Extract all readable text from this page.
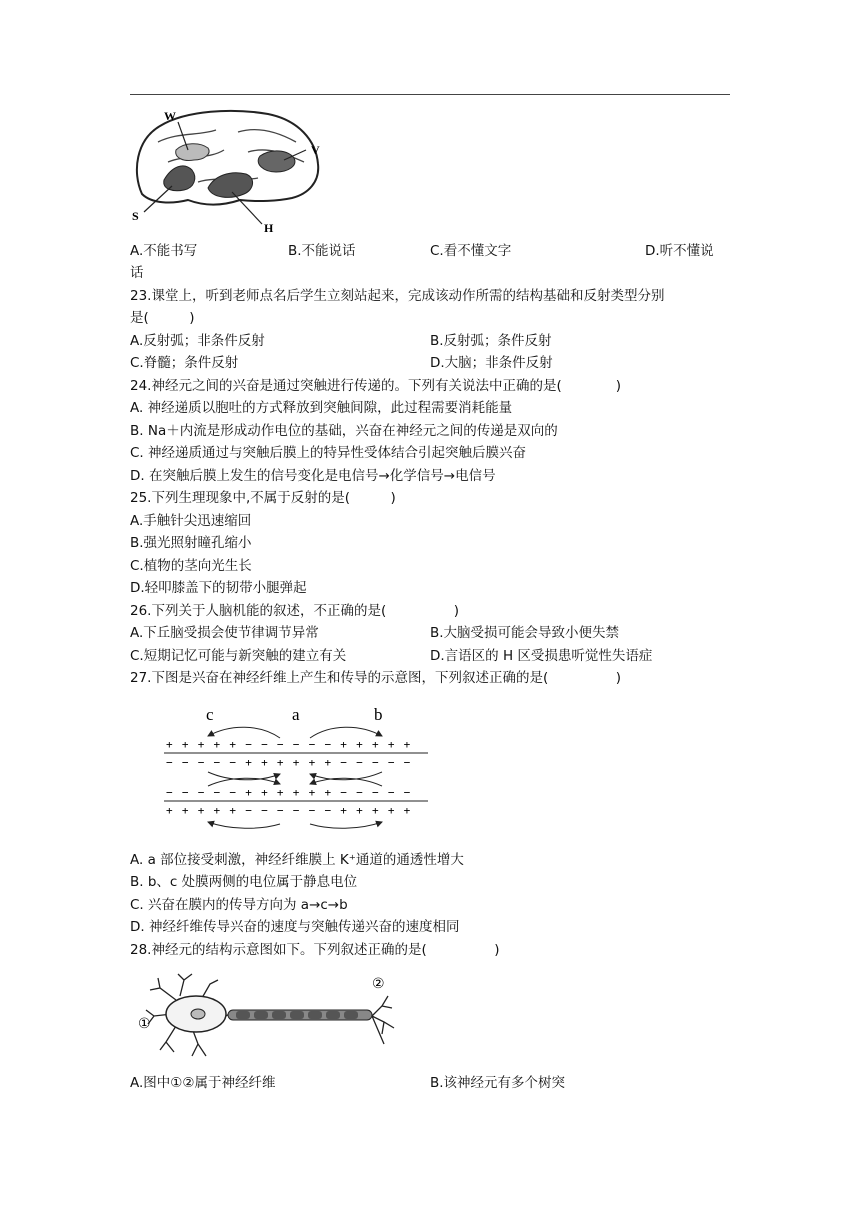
W
V
S
H
A.不能书写	B.不能说话	C.看不懂文字	D.听不懂说
话
23.课堂上，听到老师点名后学生立刻站起来，完成该动作所需的结构基础和反射类型分别
是(　　　)
A.反射弧；非条件反射	B.反射弧；条件反射
C.脊髓；条件反射	D.大脑；非条件反射
24.神经元之间的兴奋是通过突触进行传递的。下列有关说法中正确的是(　　　　)
A. 神经递质以胞吐的方式释放到突触间隙，此过程需要消耗能量
B. Na＋内流是形成动作电位的基础，兴奋在神经元之间的传递是双向的
C. 神经递质通过与突触后膜上的特异性受体结合引起突触后膜兴奋
D. 在突触后膜上发生的信号变化是电信号→化学信号→电信号
25.下列生理现象中,不属于反射的是(　　　)
A.手触针尖迅速缩回
B.强光照射瞳孔缩小
C.植物的茎向光生长
D.轻叩膝盖下的韧带小腿弹起
26.下列关于人脑机能的叙述，不正确的是(　　　　　)
A.下丘脑受损会使节律调节异常	B.大脑受损可能会导致小便失禁
C.短期记忆可能与新突触的建立有关	D.言语区的 H 区受损患听觉性失语症
27.下图是兴奋在神经纤维上产生和传导的示意图，下列叙述正确的是(　　　　　)
c	a	b
+ + + + + − − − − − − + + + + +
− − − − − + + + + + + − − − − −
− − − − − + + + + + + − − − − −
+ + + + + − − − − − − + + + + +
A. a 部位接受刺激，神经纤维膜上 K⁺通道的通透性增大
B. b、c 处膜两侧的电位属于静息电位
C. 兴奋在膜内的传导方向为 a→c→b
D. 神经纤维传导兴奋的速度与突触传递兴奋的速度相同
28.神经元的结构示意图如下。下列叙述正确的是(　　　　　)
①
②
A.图中①②属于神经纤维	B.该神经元有多个树突
